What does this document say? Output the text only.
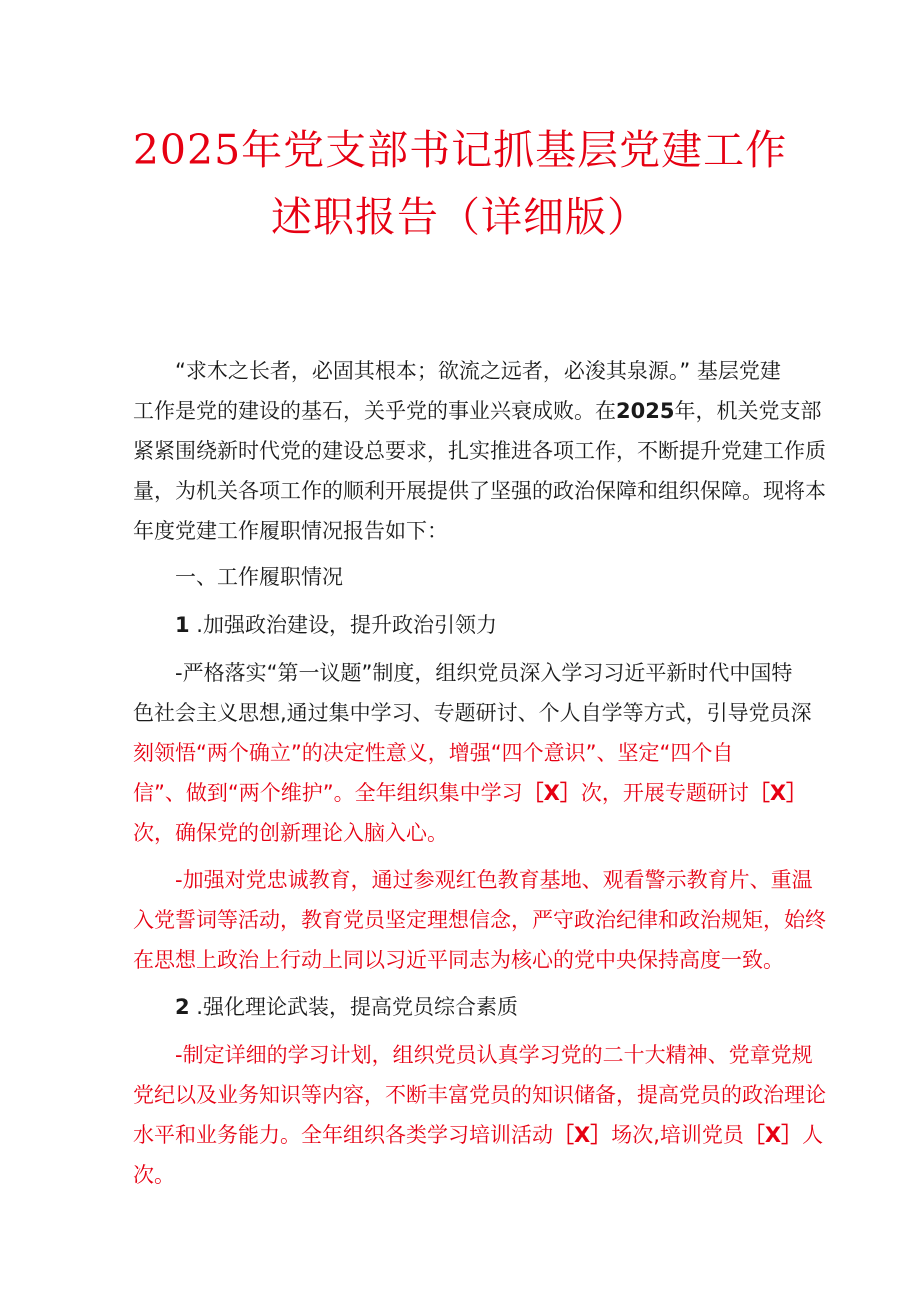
2025年党支部书记抓基层党建工作
述职报告（详细版）
“求木之长者，必固其根本；欲流之远者，必浚其泉源。” 基层党建
工作是党的建设的基石，关乎党的事业兴衰成败。在2025年，机关党支部
紧紧围绕新时代党的建设总要求，扎实推进各项工作，不断提升党建工作质
量，为机关各项工作的顺利开展提供了坚强的政治保障和组织保障。现将本
年度党建工作履职情况报告如下：
一、工作履职情况
1 .加强政治建设，提升政治引领力
-严格落实“第一议题”制度，组织党员深入学习习近平新时代中国特
色社会主义思想,通过集中学习、专题研讨、个人自学等方式，引导党员深
刻领悟“两个确立”的决定性意义，增强“四个意识”、坚定“四个自
信”、做到“两个维护”。全年组织集中学习［X］次，开展专题研讨［X］
次，确保党的创新理论入脑入心。
-加强对党忠诚教育，通过参观红色教育基地、观看警示教育片、重温
入党誓词等活动，教育党员坚定理想信念，严守政治纪律和政治规矩，始终
在思想上政治上行动上同以习近平同志为核心的党中央保持高度一致。
2 .强化理论武装，提高党员综合素质
-制定详细的学习计划，组织党员认真学习党的二十大精神、党章党规
党纪以及业务知识等内容，不断丰富党员的知识储备，提高党员的政治理论
水平和业务能力。全年组织各类学习培训活动［X］场次,培训党员［X］人
次。
